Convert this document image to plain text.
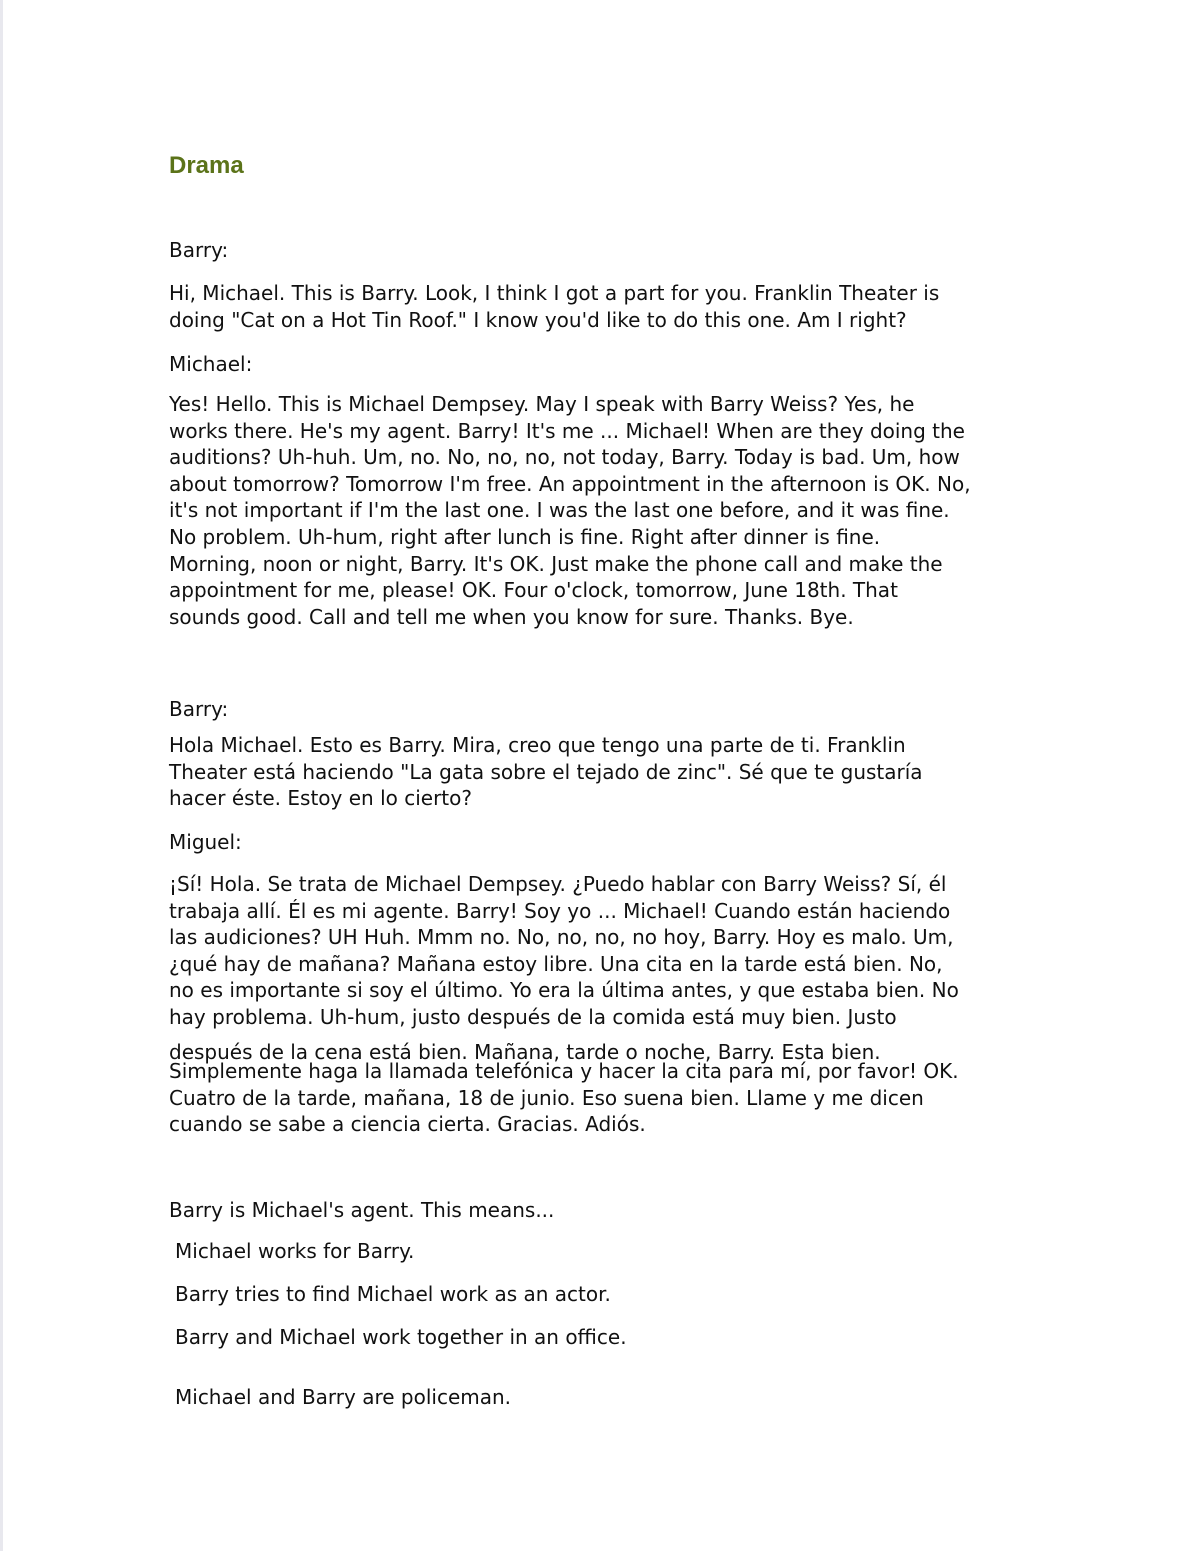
Drama

Barry:

Hi, Michael. This is Barry. Look, I think I got a part for you. Franklin Theater is
doing "Cat on a Hot Tin Roof." I know you'd like to do this one. Am I right?

Michael:

Yes! Hello. This is Michael Dempsey. May I speak with Barry Weiss? Yes, he
works there. He's my agent. Barry! It's me ... Michael! When are they doing the
auditions? Uh-huh. Um, no. No, no, no, not today, Barry. Today is bad. Um, how
about tomorrow? Tomorrow I'm free. An appointment in the afternoon is OK. No,
it's not important if I'm the last one. I was the last one before, and it was fine.
No problem. Uh-hum, right after lunch is fine. Right after dinner is fine.
Morning, noon or night, Barry. It's OK. Just make the phone call and make the
appointment for me, please! OK. Four o'clock, tomorrow, June 18th. That
sounds good. Call and tell me when you know for sure. Thanks. Bye.

Barry:

Hola Michael. Esto es Barry. Mira, creo que tengo una parte de ti. Franklin
Theater está haciendo "La gata sobre el tejado de zinc". Sé que te gustaría
hacer éste. Estoy en lo cierto?

Miguel:

¡Sí! Hola. Se trata de Michael Dempsey. ¿Puedo hablar con Barry Weiss? Sí, él
trabaja allí. Él es mi agente. Barry! Soy yo ... Michael! Cuando están haciendo
las audiciones? UH Huh. Mmm no. No, no, no, no hoy, Barry. Hoy es malo. Um,
¿qué hay de mañana? Mañana estoy libre. Una cita en la tarde está bien. No,
no es importante si soy el último. Yo era la última antes, y que estaba bien. No
hay problema. Uh-hum, justo después de la comida está muy bien. Justo

después de la cena está bien. Mañana, tarde o noche, Barry. Esta bien.

Simplemente haga la llamada telefónica y hacer la cita para mí, por favor! OK.
Cuatro de la tarde, mañana, 18 de junio. Eso suena bien. Llame y me dicen
cuando se sabe a ciencia cierta. Gracias. Adiós.

Barry is Michael's agent. This means...

Michael works for Barry.

Barry tries to find Michael work as an actor.

Barry and Michael work together in an office.

Michael and Barry are policeman.
